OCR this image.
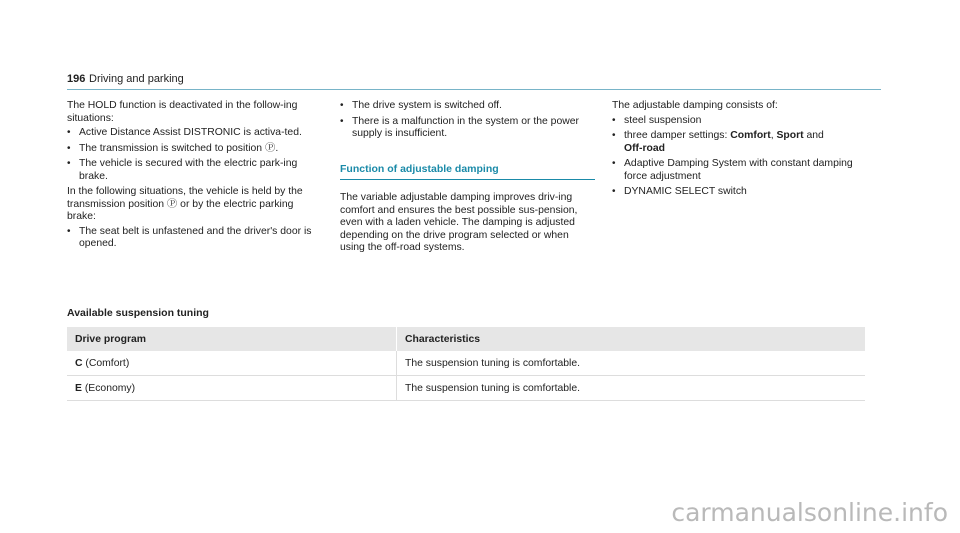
196 Driving and parking

The HOLD function is deactivated in the follow-ing situations:

• Active Distance Assist DISTRONIC is activa-ted.
• The transmission is switched to position Ⓟ.
• The vehicle is secured with the electric park-ing brake.

In the following situations, the vehicle is held by the transmission position Ⓟ or by the electric parking brake:

• The seat belt is unfastened and the driver's door is opened.
• The drive system is switched off.
• There is a malfunction in the system or the power supply is insufficient.
Function of adjustable damping

The variable adjustable damping improves driv-ing comfort and ensures the best possible sus-pension, even with a laden vehicle. The damping is adjusted depending on the drive program selected or when using the off-road systems.

The adjustable damping consists of:

• steel suspension
• three damper settings: Comfort, Sport and
Off-road
• Adaptive Damping System with constant damping force adjustment
• DYNAMIC SELECT switch
Available suspension tuning
Drive program	Characteristics
C (Comfort)	The suspension tuning is comfortable.
E (Economy)	The suspension tuning is comfortable.
carmanualsonline.info
